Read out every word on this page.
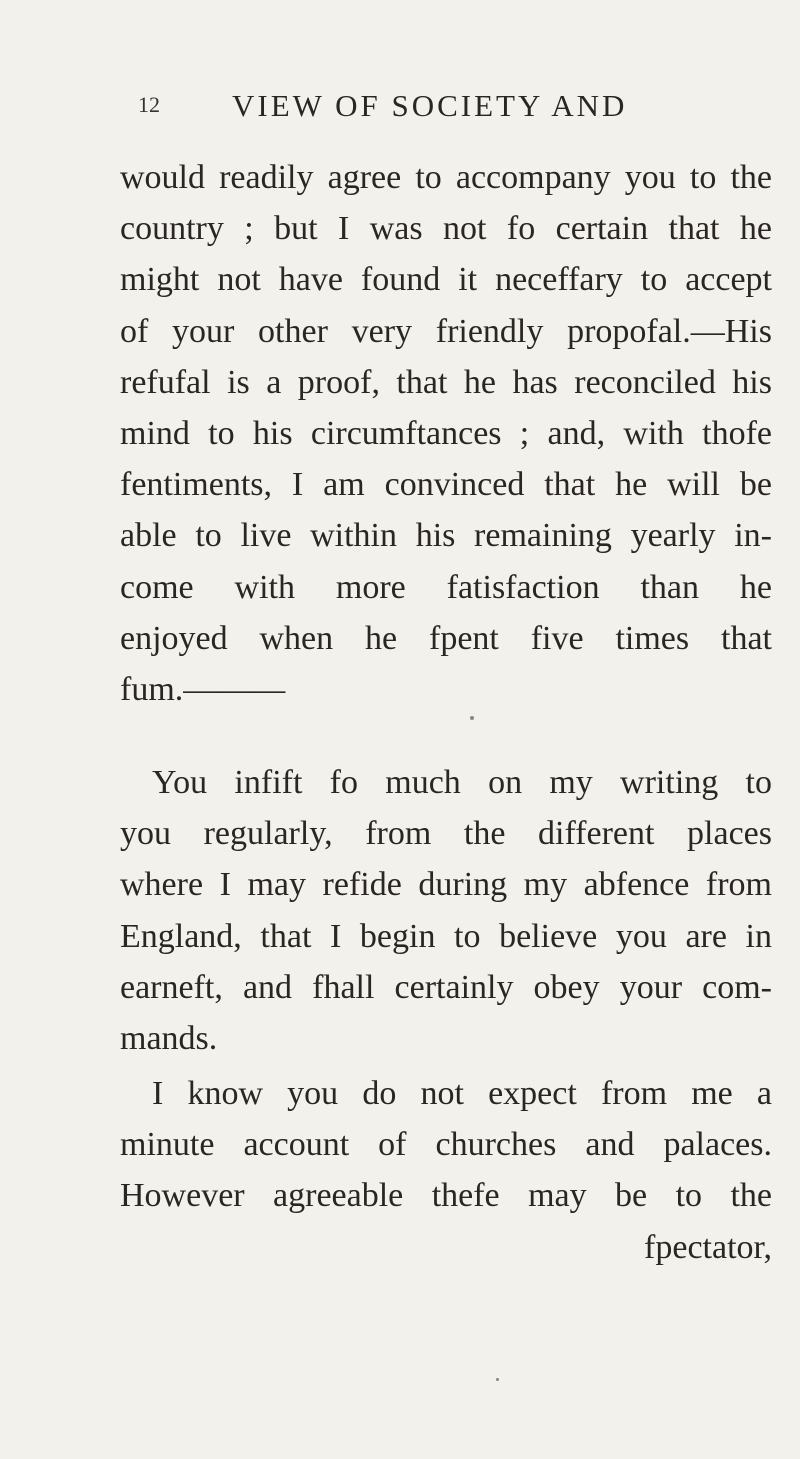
12 VIEW OF SOCIETY AND
would readily agree to accompany you to the
country ; but I was not fo certain that he
might not have found it neceffary to accept
of your other very friendly propofal.—His
refufal is a proof, that he has reconciled his
mind to his circumftances ; and, with thofe
fentiments, I am convinced that he will be
able to live within his remaining yearly in-
come with more fatisfaction than he
enjoyed when he fpent five times that
fum.———
You infift fo much on my writing to
you regularly, from the different places
where I may refide during my abfence from
England, that I begin to believe you are in
earneft, and fhall certainly obey your com-
mands.
I know you do not expect from me a
minute account of churches and palaces.
However agreeable thefe may be to the
fpectator,
